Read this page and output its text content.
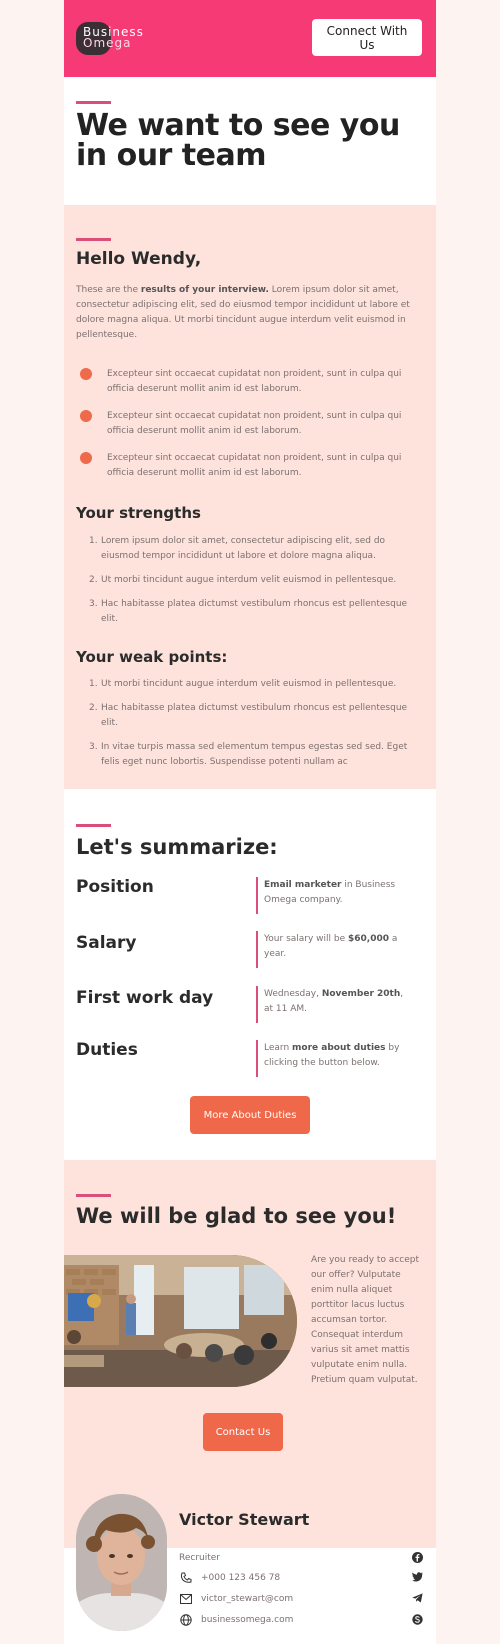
Business
Omega
Connect With Us
We want to see you in our team
Hello Wendy,

These are the results of your interview. Lorem ipsum dolor sit amet, consectetur adipiscing elit, sed do eiusmod tempor incididunt ut labore et dolore magna aliqua. Ut morbi tincidunt augue interdum velit euismod in pellentesque.

Excepteur sint occaecat cupidatat non proident, sunt in culpa qui officia deserunt mollit anim id est laborum.

Excepteur sint occaecat cupidatat non proident, sunt in culpa qui officia deserunt mollit anim id est laborum.

Excepteur sint occaecat cupidatat non proident, sunt in culpa qui officia deserunt mollit anim id est laborum.

Your strengths
1. Lorem ipsum dolor sit amet, consectetur adipiscing elit, sed do eiusmod tempor incididunt ut labore et dolore magna aliqua.
2. Ut morbi tincidunt augue interdum velit euismod in pellentesque.
3. Hac habitasse platea dictumst vestibulum rhoncus est pellentesque elit.
Your weak points:
1. Ut morbi tincidunt augue interdum velit euismod in pellentesque.
2. Hac habitasse platea dictumst vestibulum rhoncus est pellentesque elit.
3. In vitae turpis massa sed elementum tempus egestas sed sed. Eget felis eget nunc lobortis. Suspendisse potenti nullam ac
Let's summarize:

Position	Email marketer in Business Omega company.

Salary	Your salary will be $60,000 a year.

First work day	Wednesday, November 20th, at 11 AM.

Duties	Learn more about duties by clicking the button below.

More About Duties
We will be glad to see you!

Are you ready to accept our offer? Vulputate enim nulla aliquet porttitor lacus luctus accumsan tortor. Consequat interdum varius sit amet mattis vulputate enim nulla. Pretium quam vulputat.

Contact Us
Victor Stewart

Recruiter

+000 123 456 78
victor_stewart@com
businessomega.com
